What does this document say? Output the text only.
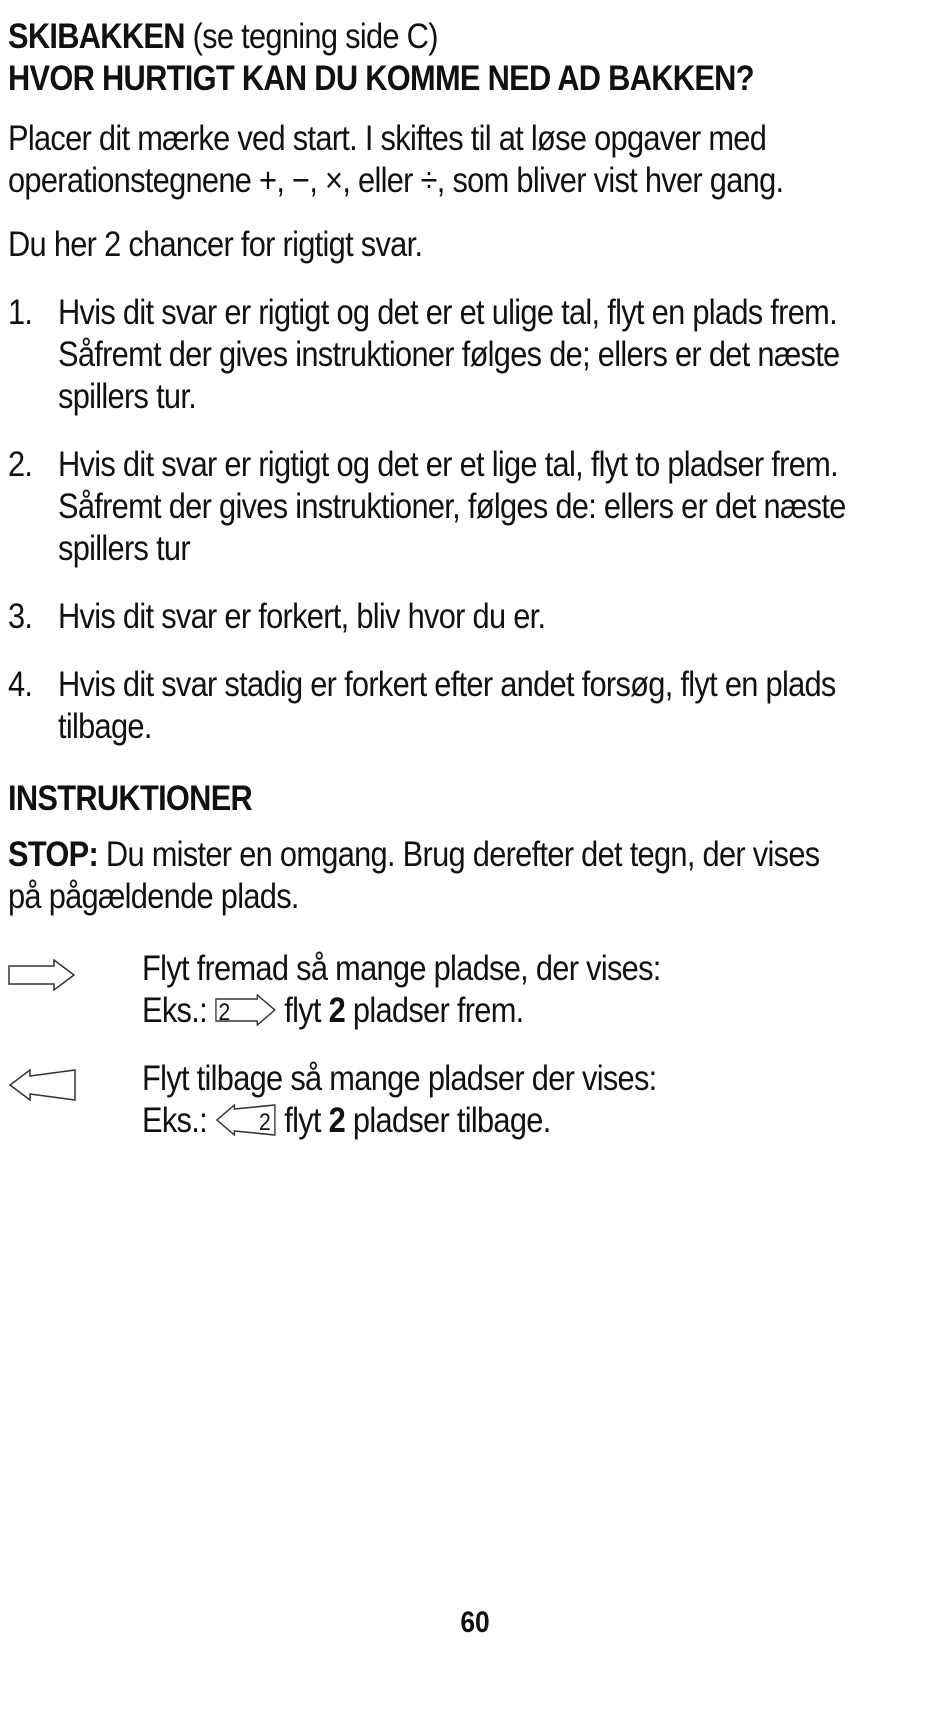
SKIBAKKEN (se tegning side C)
HVOR HURTIGT KAN DU KOMME NED AD BAKKEN?
Placer dit mærke ved start. I skiftes til at løse opgaver med
operationstegnene +, −, ×, eller ÷, som bliver vist hver gang.
Du her 2 chancer for rigtigt svar.
1. Hvis dit svar er rigtigt og det er et ulige tal, flyt en plads frem.
Såfremt der gives instruktioner følges de; ellers er det næste
spillers tur.
2. Hvis dit svar er rigtigt og det er et lige tal, flyt to pladser frem.
Såfremt der gives instruktioner, følges de: ellers er det næste
spillers tur
3. Hvis dit svar er forkert, bliv hvor du er.
4. Hvis dit svar stadig er forkert efter andet forsøg, flyt en plads
tilbage.
INSTRUKTIONER
STOP: Du mister en omgang. Brug derefter det tegn, der vises
på pågældende plads.
Flyt fremad så mange pladse, der vises:
Eks.: 2 flyt 2 pladser frem.
Flyt tilbage så mange pladser der vises:
Eks.: 2 flyt 2 pladser tilbage.
60
